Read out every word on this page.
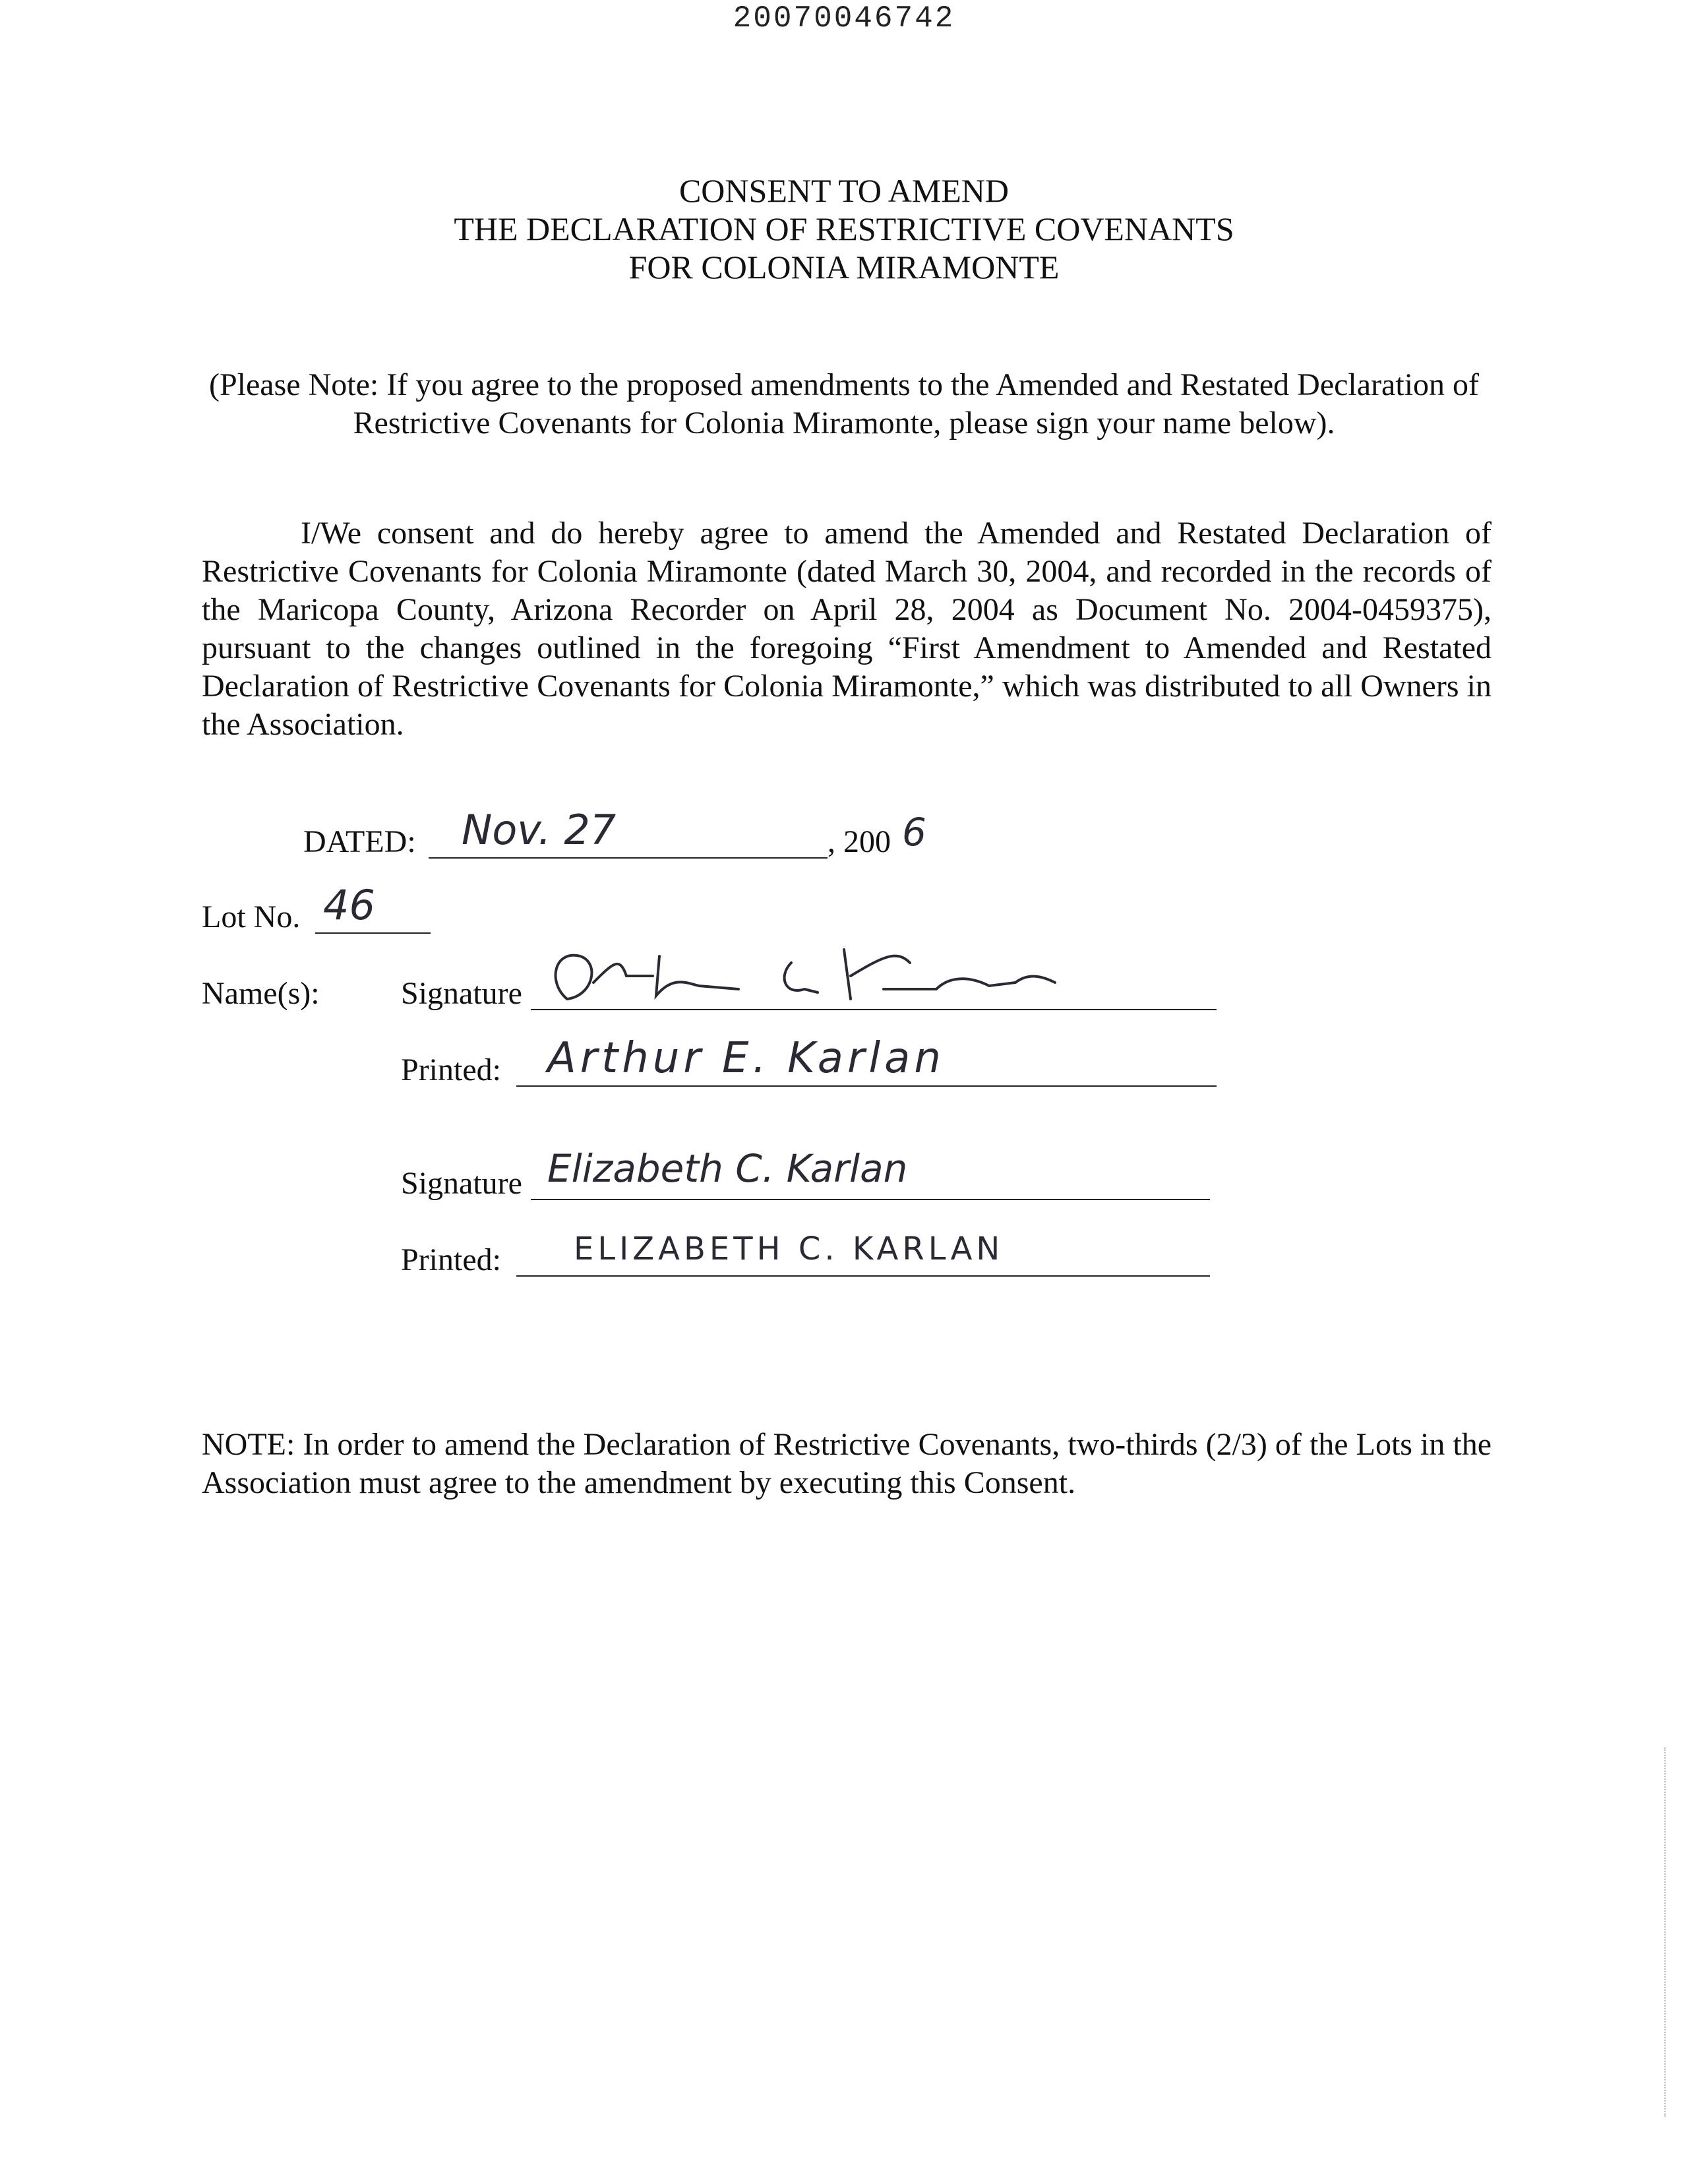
20070046742
CONSENT TO AMEND
THE DECLARATION OF RESTRICTIVE COVENANTS
FOR COLONIA MIRAMONTE
(Please Note: If you agree to the proposed amendments to the Amended and Restated Declaration of Restrictive Covenants for Colonia Miramonte, please sign your name below).
I/We consent and do hereby agree to amend the Amended and Restated Declaration of Restrictive Covenants for Colonia Miramonte (dated March 30, 2004, and recorded in the records of the Maricopa County, Arizona Recorder on April 28, 2004 as Document No. 2004-0459375), pursuant to the changes outlined in the foregoing “First Amendment to Amended and Restated Declaration of Restrictive Covenants for Colonia Miramonte,” which was distributed to all Owners in the Association.
DATED: Nov. 27	, 200 6
Lot No. 46
Name(s):	Signature
Printed: Arthur E. Karlan
Signature Elizabeth C. Karlan
Printed: ELIZABETH C. KARLAN
NOTE: In order to amend the Declaration of Restrictive Covenants, two-thirds (2/3) of the Lots in the Association must agree to the amendment by executing this Consent.
